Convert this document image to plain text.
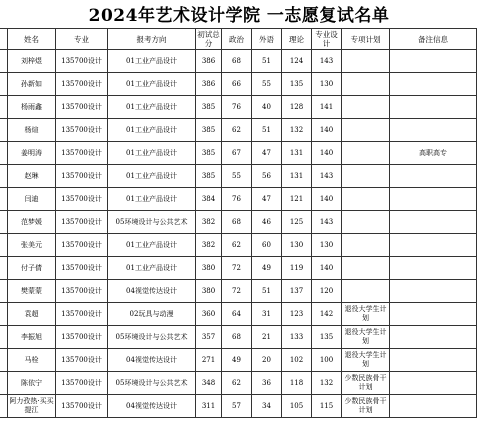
2024年艺术设计学院 一志愿复试名单
	姓名	专业	报考方向	初试总分	政治	外语	理论	专业设计	专项计划	备注信息
	刘梓煜	135700设计	01工业产品设计	386	68	51	124	143		
	孙新如	135700设计	01工业产品设计	386	66	55	135	130		
	杨雨鑫	135700设计	01工业产品设计	385	76	40	128	141		
	杨煊	135700设计	01工业产品设计	385	62	51	132	140		
	姜明涛	135700设计	01工业产品设计	385	67	47	131	140		高职高专
	赵琳	135700设计	01工业产品设计	385	55	56	131	143		
	闫迪	135700设计	01工业产品设计	384	76	47	121	140		
	范梦媛	135700设计	05环境设计与公共艺术	382	68	46	125	143		
	张美元	135700设计	01工业产品设计	382	62	60	130	130		
	付子倩	135700设计	01工业产品设计	380	72	49	119	140		
	樊蒙蒙	135700设计	04视觉传达设计	380	72	51	137	120		
	袁超	135700设计	02玩具与动漫	360	64	31	123	142	退役大学生计划	
	李振旭	135700设计	05环境设计与公共艺术	357	68	21	133	135	退役大学生计划	
	马栓	135700设计	04视觉传达设计	271	49	20	102	100	退役大学生计划	
	陈依宁	135700设计	05环境设计与公共艺术	348	62	36	118	132	少数民族骨干计划	
	阿力孜热·买买提江	135700设计	04视觉传达设计	311	57	34	105	115	少数民族骨干计划	
